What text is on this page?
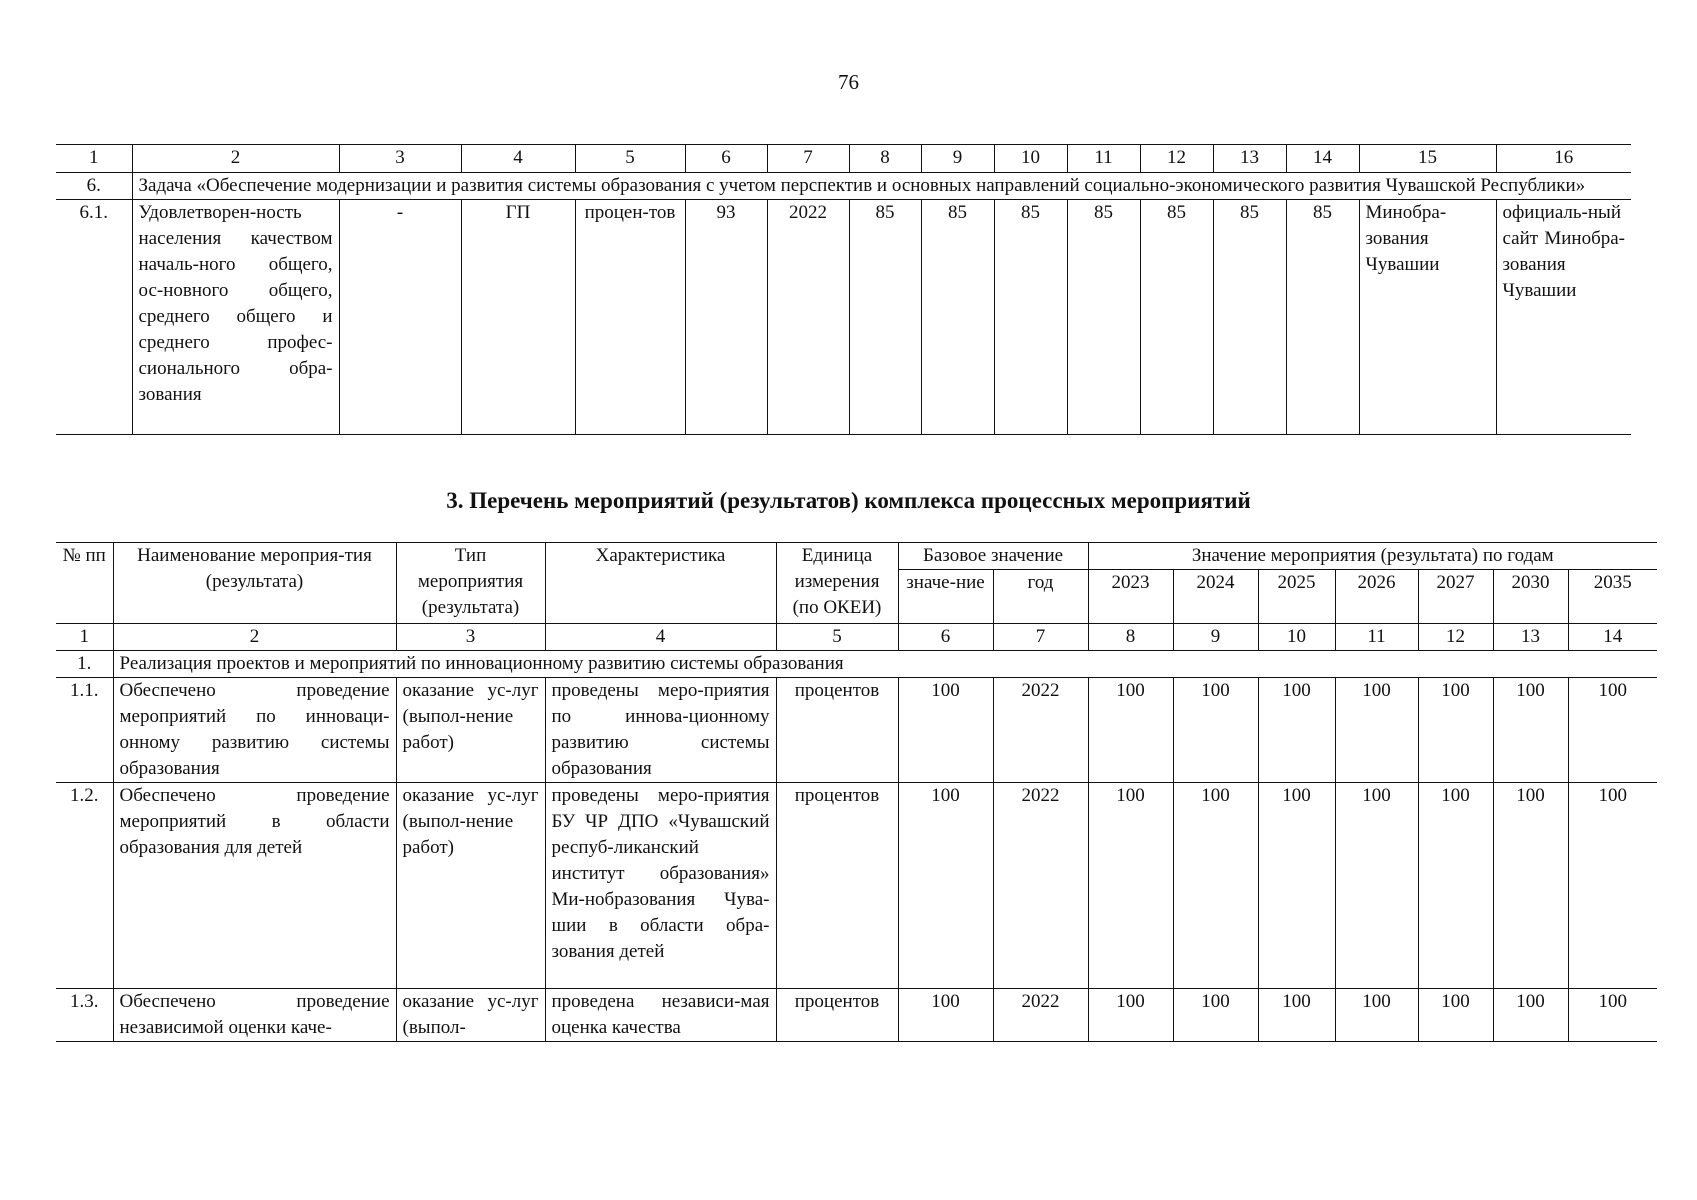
76
1	2	3	4	5	6	7	8	9	10	11	12	13	14	15	16
6.	Задача «Обеспечение модернизации и развития системы образования с учетом перспектив и основных направлений социально-экономического развития Чувашской Республики»														
6.1.	Удовлетворен-ность населения качеством началь-ного общего, ос-новного общего, среднего общего и среднего профес-сионального обра-зования	-	ГП	процен-тов	93	2022	85	85	85	85	85	85	85	Минобра-зования Чувашии	официаль-ный сайт Минобра-зования Чувашии
3. Перечень мероприятий (результатов) комплекса процессных мероприятий
№ пп	Наименование мероприя-тия (результата)	Тип мероприятия (результата)	Характеристика	Единица измерения (по ОКЕИ)	Базовое значение		Значение мероприятия (результата) по годам						
					значе-ние	год	2023	2024	2025	2026	2027	2030	2035
1	2	3	4	5	6	7	8	9	10	11	12	13	14
1.	Реализация проектов и мероприятий по инновационному развитию системы образования												
1.1.	Обеспечено проведение мероприятий по инноваци-онному развитию системы образования	оказание ус-луг (выпол-нение работ)	проведены меро-приятия по иннова-ционному развитию системы образования	процентов	100	2022	100	100	100	100	100	100	100
1.2.	Обеспечено проведение мероприятий в области образования для детей	оказание ус-луг (выпол-нение работ)	проведены меро-приятия БУ ЧР ДПО «Чувашский респуб-ликанский институт образования» Ми-нобразования Чува-шии в области обра-зования детей	процентов	100	2022	100	100	100	100	100	100	100
1.3.	Обеспечено проведение независимой оценки каче-	оказание ус-луг (выпол-	проведена независи-мая оценка качества	процентов	100	2022	100	100	100	100	100	100	100
